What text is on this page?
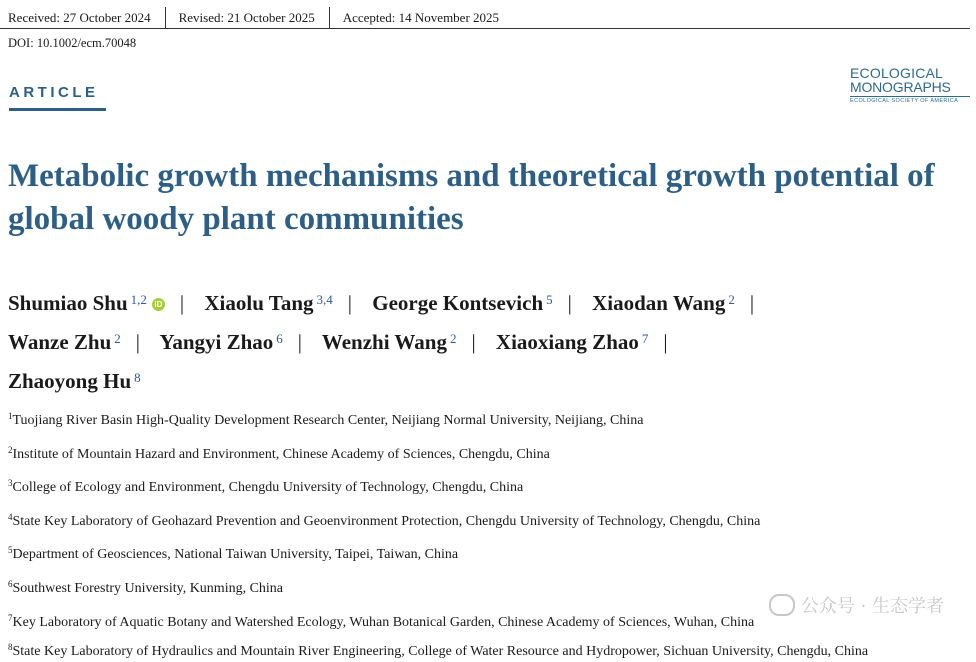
Received: 27 October 2024	Revised: 21 October 2025	Accepted: 14 November 2025
DOI: 10.1002/ecm.70048
ARTICLE
ECOLOGICAL
MONOGRAPHS
ECOLOGICAL SOCIETY OF AMERICA
Metabolic growth mechanisms and theoretical growth potential of global woody plant communities
Shumiao Shu $^{1,2}$ iD | Xiaolu Tang $^{3,4}$ | George Kontsevich $^5$ | Xiaodan Wang $^2$ |
Wanze Zhu $^2$ | Yangyi Zhao $^6$ | Wenzhi Wang $^2$ | Xiaoxiang Zhao $^7$ |
Zhaoyong Hu $^8$

$^1$Tuojiang River Basin High-Quality Development Research Center, Neijiang Normal University, Neijiang, China

$^2$Institute of Mountain Hazard and Environment, Chinese Academy of Sciences, Chengdu, China

$^3$College of Ecology and Environment, Chengdu University of Technology, Chengdu, China

$^4$State Key Laboratory of Geohazard Prevention and Geoenvironment Protection, Chengdu University of Technology, Chengdu, China

$^5$Department of Geosciences, National Taiwan University, Taipei, Taiwan, China

$^6$Southwest Forestry University, Kunming, China

$^7$Key Laboratory of Aquatic Botany and Watershed Ecology, Wuhan Botanical Garden, Chinese Academy of Sciences, Wuhan, China

$^8$State Key Laboratory of Hydraulics and Mountain River Engineering, College of Water Resource and Hydropower, Sichuan University, Chengdu, China

公众号 · 生态学者
